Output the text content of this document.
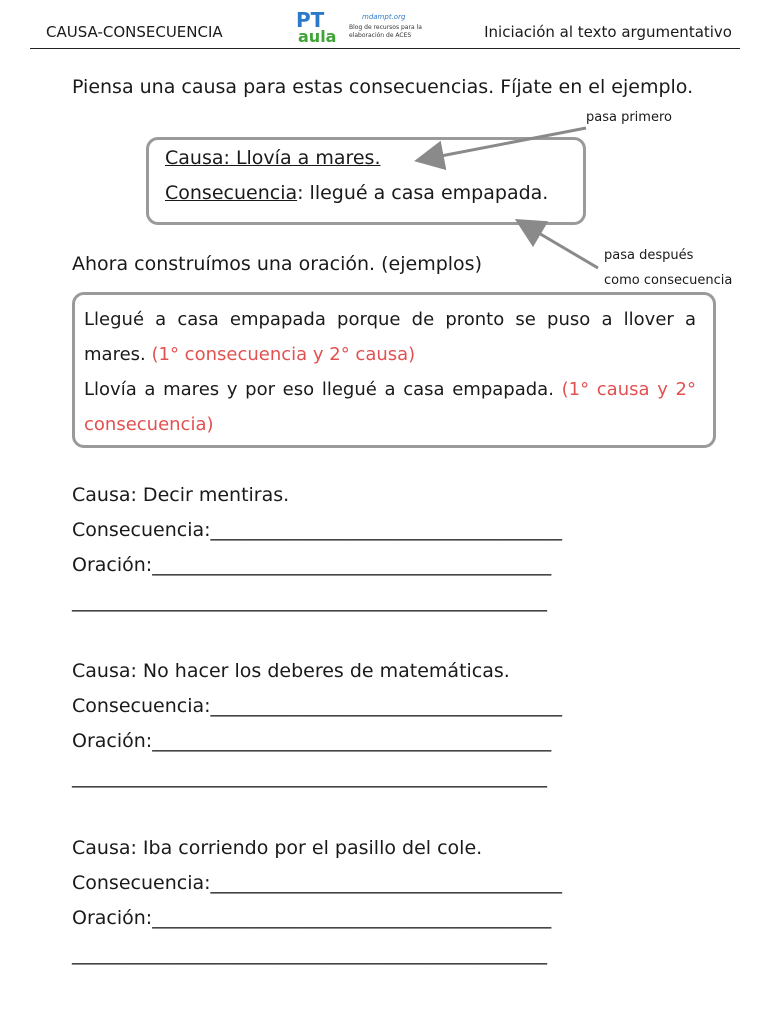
CAUSA-CONSECUENCIA	PT
aula
mdampt.org
Blog de recursos para la
elaboración de ACES	Iniciación al texto argumentativo
Piensa una causa para estas consecuencias. Fíjate en el ejemplo.
Causa: Llovía a mares.
Consecuencia: llegué a casa empapada.
pasa primero
pasa después
como consecuencia
Ahora construímos una oración. (ejemplos)
Llegué a casa empapada porque de pronto se puso a llover a mares. (1° consecuencia y 2° causa)
Llovía a mares y por eso llegué a casa empapada. (1° causa y 2° consecuencia)
Causa: Decir mentiras.
Consecuencia:_____________________________________
Oración:__________________________________________
__________________________________________________
Causa: No hacer los deberes de matemáticas.
Consecuencia:_____________________________________
Oración:__________________________________________
__________________________________________________
Causa: Iba corriendo por el pasillo del cole.
Consecuencia:_____________________________________
Oración:__________________________________________
__________________________________________________
